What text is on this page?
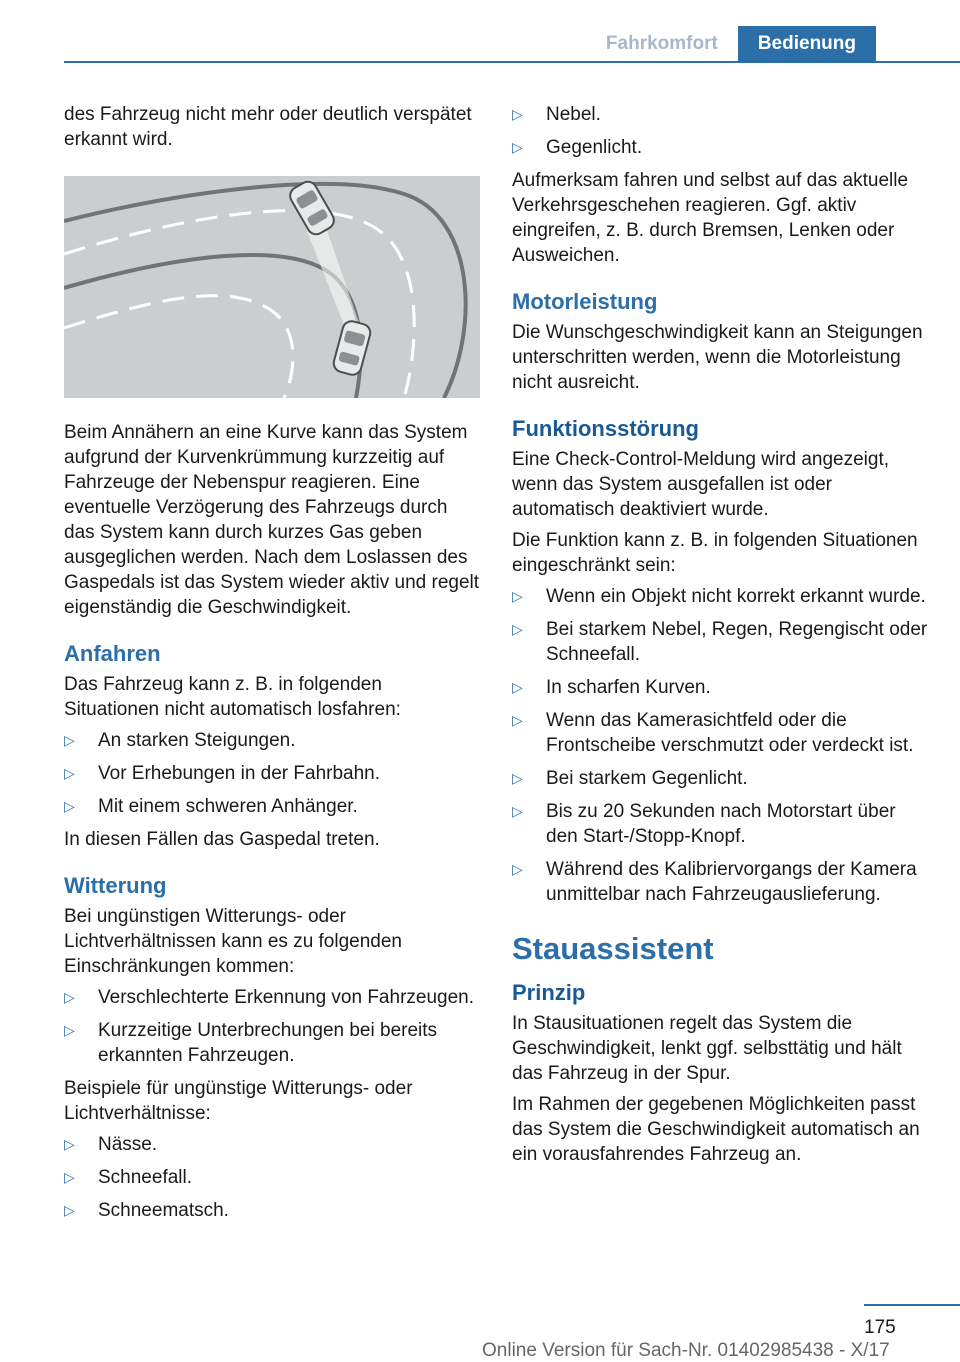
Fahrkomfort	Bedienung

des Fahrzeug nicht mehr oder deutlich verspätet erkannt wird.

Beim Annähern an eine Kurve kann das System aufgrund der Kurvenkrümmung kurzzeitig auf Fahrzeuge der Nebenspur reagieren. Eine eventuelle Verzögerung des Fahrzeugs durch das System kann durch kurzes Gas geben ausgeglichen werden. Nach dem Loslassen des Gaspedals ist das System wieder aktiv und regelt eigenständig die Geschwindigkeit.

Anfahren

Das Fahrzeug kann z. B. in folgenden Situationen nicht automatisch losfahren:

▷ An starken Steigungen.
▷ Vor Erhebungen in der Fahrbahn.
▷ Mit einem schweren Anhänger.

In diesen Fällen das Gaspedal treten.

Witterung

Bei ungünstigen Witterungs- oder Lichtverhältnissen kann es zu folgenden Einschränkungen kommen:

▷ Verschlechterte Erkennung von Fahrzeugen.
▷ Kurzzeitige Unterbrechungen bei bereits erkannten Fahrzeugen.

Beispiele für ungünstige Witterungs- oder Lichtverhältnisse:

▷ Nässe.
▷ Schneefall.
▷ Schneematsch.
▷ Nebel.
▷ Gegenlicht.

Aufmerksam fahren und selbst auf das aktuelle Verkehrsgeschehen reagieren. Ggf. aktiv eingreifen, z. B. durch Bremsen, Lenken oder Ausweichen.

Motorleistung

Die Wunschgeschwindigkeit kann an Steigungen unterschritten werden, wenn die Motorleistung nicht ausreicht.

Funktionsstörung

Eine Check-Control-Meldung wird angezeigt, wenn das System ausgefallen ist oder automatisch deaktiviert wurde.

Die Funktion kann z. B. in folgenden Situationen eingeschränkt sein:

▷ Wenn ein Objekt nicht korrekt erkannt wurde.
▷ Bei starkem Nebel, Regen, Regengischt oder Schneefall.
▷ In scharfen Kurven.
▷ Wenn das Kamerasichtfeld oder die Frontscheibe verschmutzt oder verdeckt ist.
▷ Bei starkem Gegenlicht.
▷ Bis zu 20 Sekunden nach Motorstart über den Start-/Stopp-Knopf.
▷ Während des Kalibriervorgangs der Kamera unmittelbar nach Fahrzeugauslieferung.
Stauassistent
Prinzip

In Stausituationen regelt das System die Geschwindigkeit, lenkt ggf. selbsttätig und hält das Fahrzeug in der Spur.

Im Rahmen der gegebenen Möglichkeiten passt das System die Geschwindigkeit automatisch an ein vorausfahrendes Fahrzeug an.

175
Online Version für Sach-Nr. 01402985438 - X/17
